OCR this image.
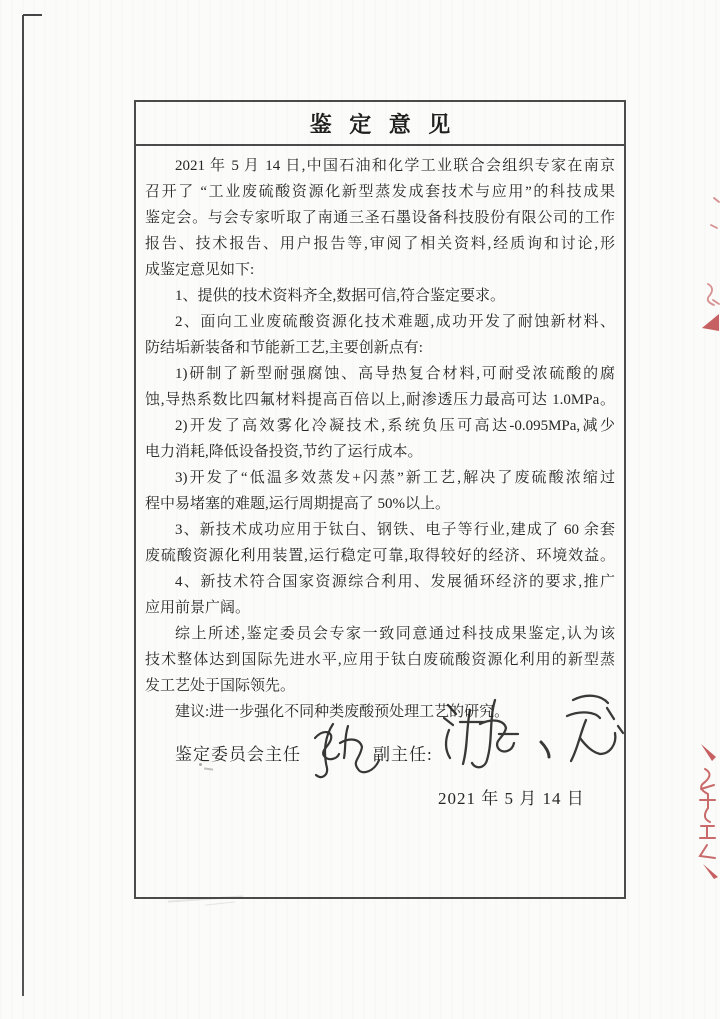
鉴 定 意 见
2021 年 5 月 14 日,中国石油和化学工业联合会组织专家在南京
召开了 “工业废硫酸资源化新型蒸发成套技术与应用”的科技成果
鉴定会。与会专家听取了南通三圣石墨设备科技股份有限公司的工作
报告、技术报告、用户报告等,审阅了相关资料,经质询和讨论,形
成鉴定意见如下:
1、提供的技术资料齐全,数据可信,符合鉴定要求。
2、面向工业废硫酸资源化技术难题,成功开发了耐蚀新材料、
防结垢新装备和节能新工艺,主要创新点有:
1)研制了新型耐强腐蚀、高导热复合材料,可耐受浓硫酸的腐
蚀,导热系数比四氟材料提高百倍以上,耐渗透压力最高可达 1.0MPa。
2)开发了高效雾化冷凝技术,系统负压可高达-0.095MPa,减少
电力消耗,降低设备投资,节约了运行成本。
3)开发了“低温多效蒸发+闪蒸”新工艺,解决了废硫酸浓缩过
程中易堵塞的难题,运行周期提高了 50%以上。
3、新技术成功应用于钛白、钢铁、电子等行业,建成了 60 余套
废硫酸资源化利用装置,运行稳定可靠,取得较好的经济、环境效益。
4、新技术符合国家资源综合利用、发展循环经济的要求,推广
应用前景广阔。
综上所述,鉴定委员会专家一致同意通过科技成果鉴定,认为该
技术整体达到国际先进水平,应用于钛白废硫酸资源化利用的新型蒸
发工艺处于国际领先。
建议:进一步强化不同种类废酸预处理工艺的研究。
鉴定委员会主任	副主任:
2021 年 5 月 14 日
